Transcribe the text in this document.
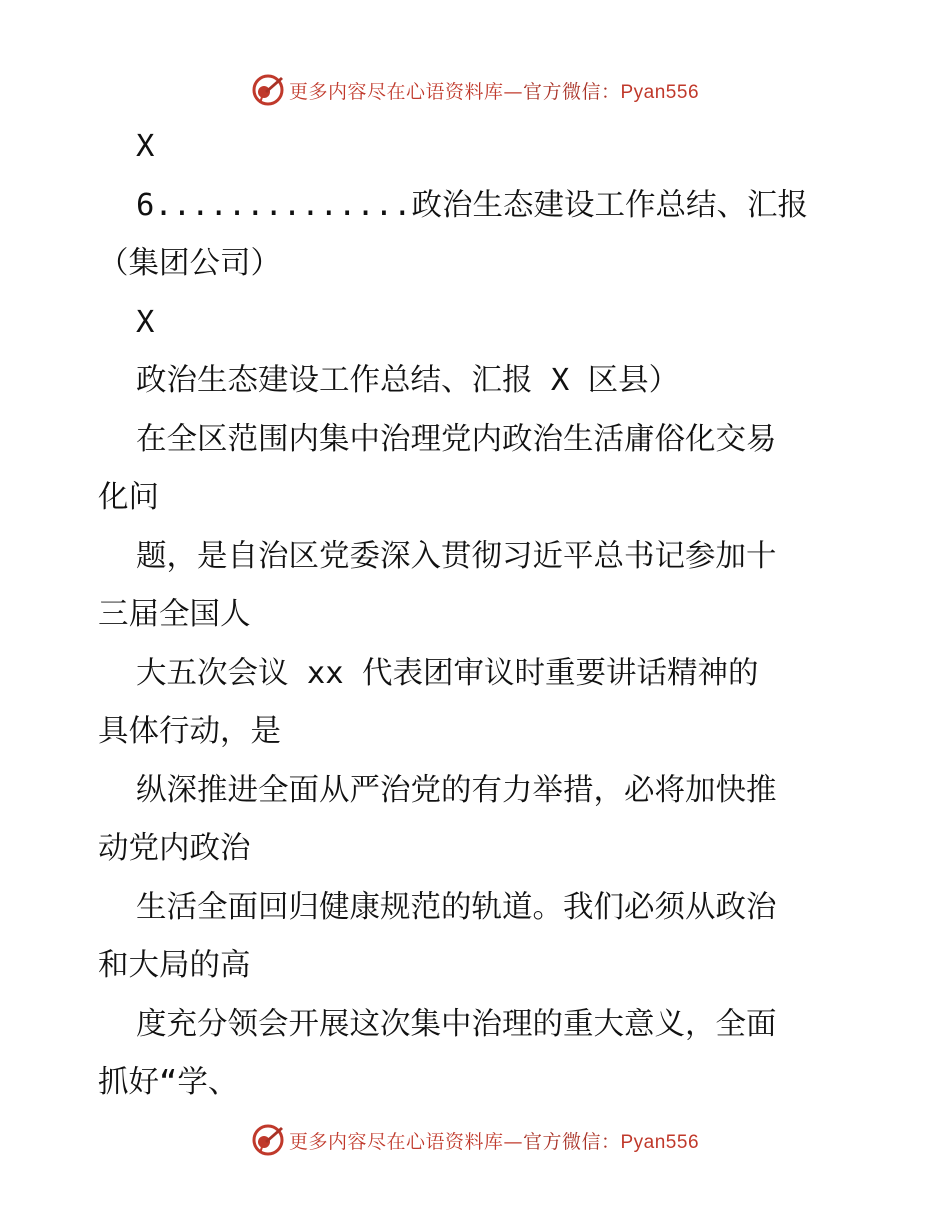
更多内容尽在心语资料库—官方微信：Pyan556
X
6..............政治生态建设工作总结、汇报
（集团公司）
X
政治生态建设工作总结、汇报 X 区县）
在全区范围内集中治理党内政治生活庸俗化交易
化问
题，是自治区党委深入贯彻习近平总书记参加十
三届全国人
大五次会议 xx 代表团审议时重要讲话精神的
具体行动，是
纵深推进全面从严治党的有力举措，必将加快推
动党内政治
生活全面回归健康规范的轨道。我们必须从政治
和大局的高
度充分领会开展这次集中治理的重大意义，全面
抓好“学、
更多内容尽在心语资料库—官方微信：Pyan556
